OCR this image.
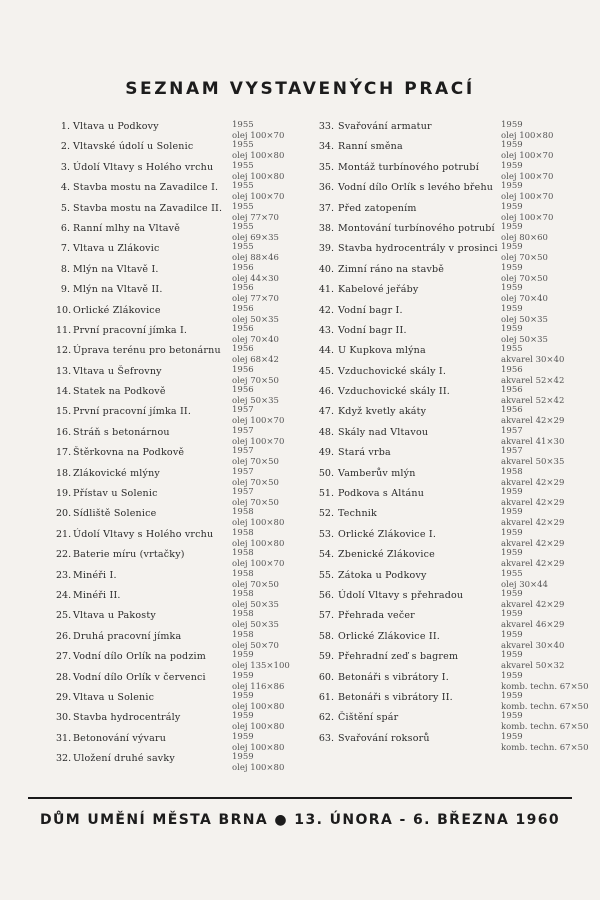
SEZNAM VYSTAVENÝCH PRACÍ
1. Vltava u Podkovy	1955
olej 100×70
2. Vltavské údolí u Solenic	1955
olej 100×80
3. Údolí Vltavy s Holého vrchu 1955
olej 100×80
4. Stavba mostu na Zavadilce I. 1955
olej 100×70
5. Stavba mostu na Zavadilce II. 1955
olej 77×70
6. Ranní mlhy na Vltavě	1955
olej 69×35
7. Vltava u Zlákovic	1955
olej 88×46
8. Mlýn na Vltavě I.	1956
olej 44×30
9. Mlýn na Vltavě II.	1956
olej 77×70
10. Orlické Zlákovice	1956
olej 50×35
11. První pracovní jímka I.	1956
olej 70×40
12. Úprava terénu pro betonárnu 1956
olej 68×42
13. Vltava u Šefrovny	1956
olej 70×50
14. Statek na Podkově	1956
olej 50×35
15. První pracovní jímka II.	1957
olej 100×70
16. Stráň s betonárnou	1957
olej 100×70
17. Štěrkovna na Podkově	1957
olej 70×50
18. Zlákovické mlýny	1957
olej 70×50
19. Přístav u Solenic	1957
olej 70×50
20. Sídliště Solenice	1958
olej 100×80
21. Údolí Vltavy s Holého vrchu 1958
olej 100×80
22. Baterie míru (vrtačky)	1958
olej 100×70
23. Minéři I.	1958
olej 70×50
24. Minéři II.	1958
olej 50×35
25. Vltava u Pakosty	1958
olej 50×35
26. Druhá pracovní jímka	1958
olej 50×70
27. Vodní dílo Orlík na podzim	1959
olej 135×100
28. Vodní dílo Orlík v červenci	1959
olej 116×86
29. Vltava u Solenic	1959
olej 100×80
30. Stavba hydrocentrály	1959
olej 100×80
31. Betonování vývaru	1959
olej 100×80
32. Uložení druhé savky	1959
olej 100×80
33. Svařování armatur	1959
olej 100×80
34. Ranní směna	1959
olej 100×70
35. Montáž turbínového potrubí	1959
olej 100×70
36. Vodní dílo Orlík s levého břehu 1959
olej 100×70
37. Před zatopením	1959
olej 100×70
38. Montování turbínového potrubí 1959
olej 80×60
39. Stavba hydrocentrály v prosinci 1959
olej 70×50
40. Zimní ráno na stavbě	1959
olej 70×50
41. Kabelové jeřáby	1959
olej 70×40
42. Vodní bagr I.	1959
olej 50×35
43. Vodní bagr II.	1959
olej 50×35
44. U Kupkova mlýna	1955
akvarel 30×40
45. Vzduchovické skály I.	1956
akvarel 52×42
46. Vzduchovické skály II.	1956
akvarel 52×42
47. Když kvetly akáty	1956
akvarel 42×29
48. Skály nad Vltavou	1957
akvarel 41×30
49. Stará vrba	1957
akvarel 50×35
50. Vamberův mlýn	1958
akvarel 42×29
51. Podkova s Altánu	1959
akvarel 42×29
52. Technik	1959
akvarel 42×29
53. Orlické Zlákovice I.	1959
akvarel 42×29
54. Zbenické Zlákovice	1959
akvarel 42×29
55. Zátoka u Podkovy	1955
olej 30×44
56. Údolí Vltavy s přehradou	1959
akvarel 42×29
57. Přehrada večer	1959
akvarel 46×29
58. Orlické Zlákovice II.	1959
akvarel 30×40
59. Přehradní zeď s bagrem	1959
akvarel 50×32
60. Betonáři s vibrátory I.	1959
komb. techn. 67×50
61. Betonáři s vibrátory II.	1959
komb. techn. 67×50
62. Čištění spár	1959
komb. techn. 67×50
63. Svařování roksorů	1959
komb. techn. 67×50
DŮM UMĚNÍ MĚSTA BRNA ● 13. ÚNORA - 6. BŘEZNA 1960
